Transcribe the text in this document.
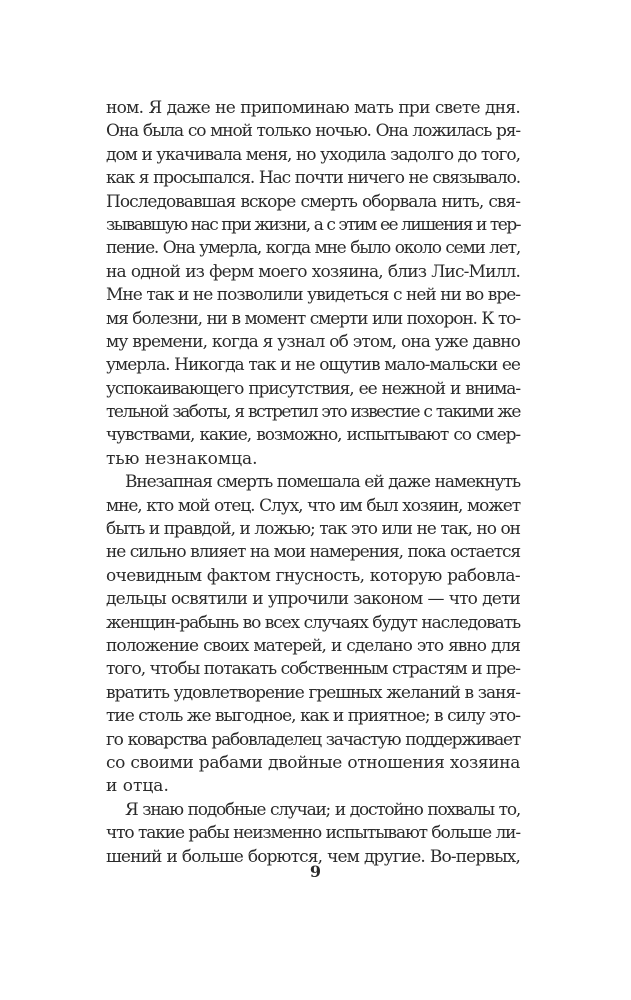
ном. Я даже не припоминаю мать при свете дня.
Она была со мной только ночью. Она ложилась ря-
дом и укачивала меня, но уходила задолго до того,
как я просыпался. Нас почти ничего не связывало.
Последовавшая вскоре смерть оборвала нить, свя-
зывавшую нас при жизни, а с этим ее лишения и тер-
пение. Она умерла, когда мне было около семи лет,
на одной из ферм моего хозяина, близ Лис-Милл.
Мне так и не позволили увидеться с ней ни во вре-
мя болезни, ни в момент смерти или похорон. К то-
му времени, когда я узнал об этом, она уже давно
умерла. Никогда так и не ощутив мало-мальски ее
успокаивающего присутствия, ее нежной и внима-
тельной заботы, я встретил это известие с такими же
чувствами, какие, возможно, испытывают со смер-
тью незнакомца.
Внезапная смерть помешала ей даже намекнуть
мне, кто мой отец. Слух, что им был хозяин, может
быть и правдой, и ложью; так это или не так, но он
не сильно влияет на мои намерения, пока остается
очевидным фактом гнусность, которую рабовла-
дельцы освятили и упрочили законом — что дети
женщин-рабынь во всех случаях будут наследовать
положение своих матерей, и сделано это явно для
того, чтобы потакать собственным страстям и пре-
вратить удовлетворение грешных желаний в заня-
тие столь же выгодное, как и приятное; в силу это-
го коварства рабовладелец зачастую поддерживает
со своими рабами двойные отношения хозяина
и отца.
Я знаю подобные случаи; и достойно похвалы то,
что такие рабы неизменно испытывают больше ли-
шений и больше борются, чем другие. Во-первых,
9
